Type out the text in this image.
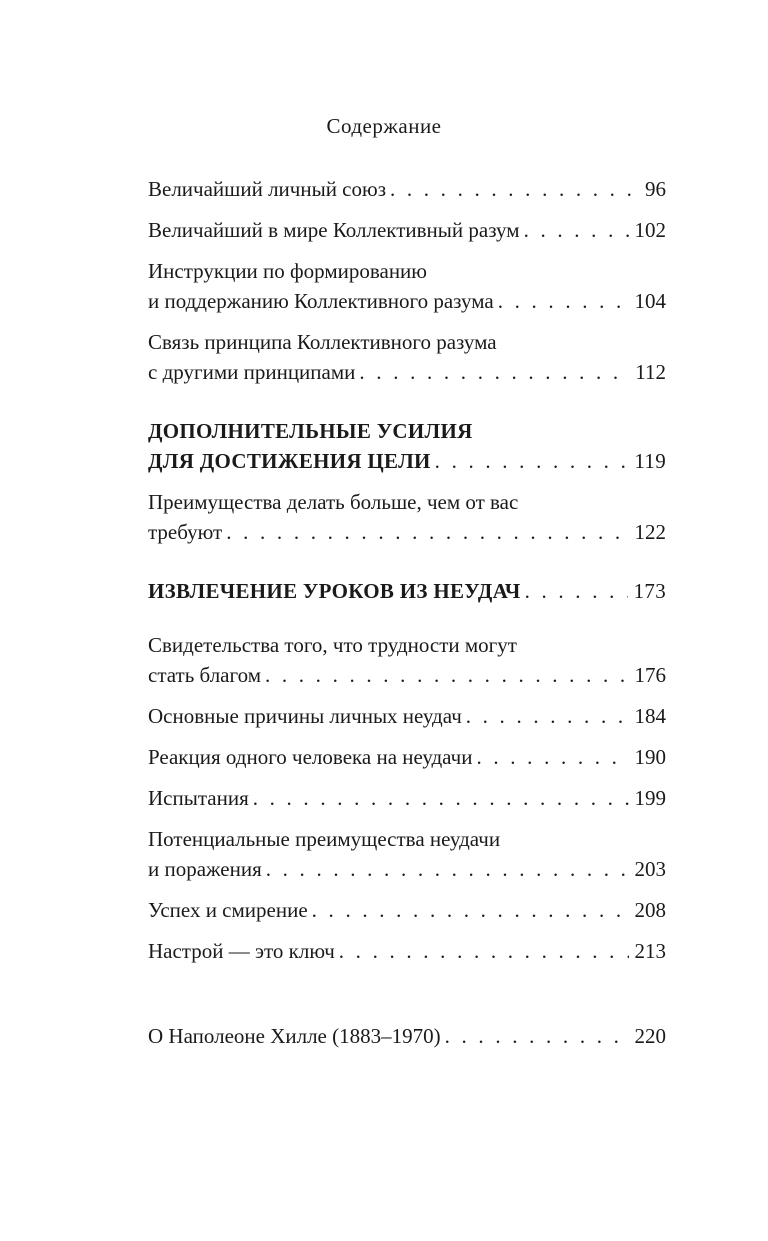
Содержание
Величайший личный союз . . .	96
Величайший в мире Коллективный разум . . .	102
Инструкции по формированию
и поддержанию Коллективного разума . . .	104
Связь принципа Коллективного разума
с другими принципами . . .	112
ДОПОЛНИТЕЛЬНЫЕ УСИЛИЯ
ДЛЯ ДОСТИЖЕНИЯ ЦЕЛИ . . .	119
Преимущества делать больше, чем от вас
требуют . . .	122
ИЗВЛЕЧЕНИЕ УРОКОВ ИЗ НЕУДАЧ . . .	173
Свидетельства того, что трудности могут
стать благом . . .	176
Основные причины личных неудач . . .	184
Реакция одного человека на неудачи . . .	190
Испытания . . .	199
Потенциальные преимущества неудачи
и поражения . . .	203
Успех и смирение . . .	208
Настрой — это ключ . . .	213
О Наполеоне Хилле (1883–1970) . . .	220
